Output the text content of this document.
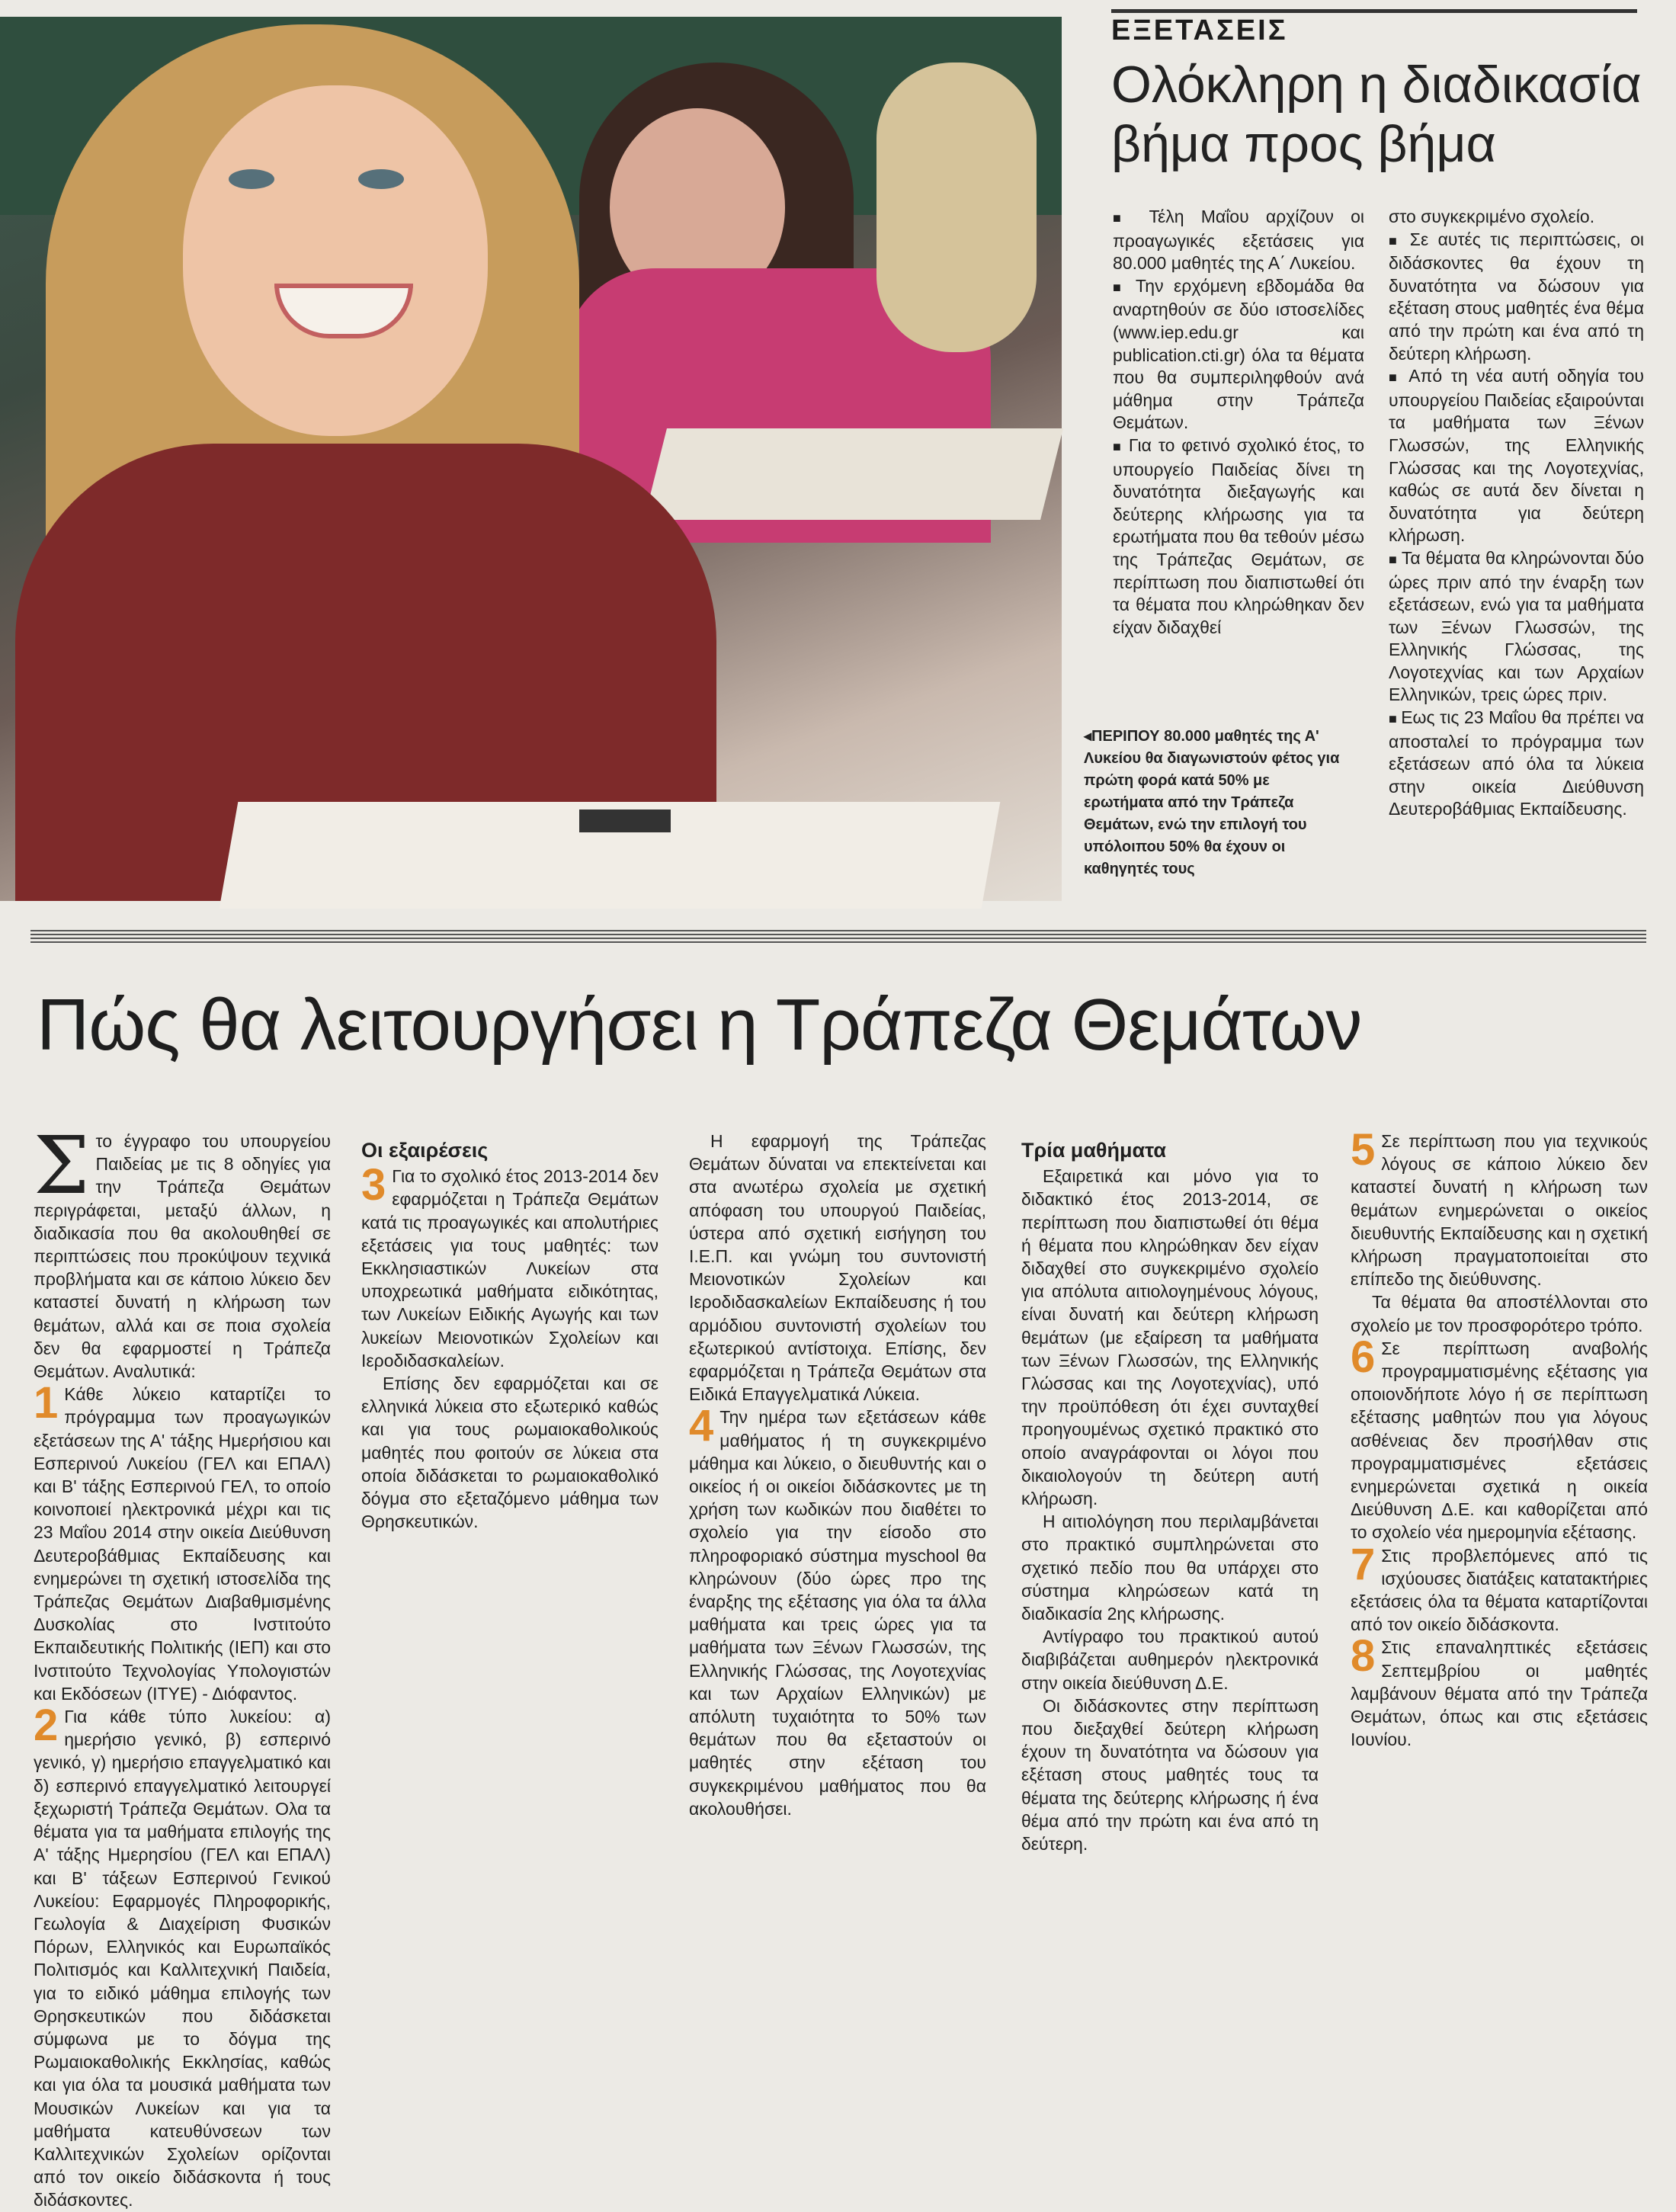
ΕΞΕΤΑΣΕΙΣ
Ολόκληρη η διαδικασία βήμα προς βήμα

■ Τέλη Μαΐου αρχίζουν οι προαγωγικές εξετάσεις για 80.000 μαθητές της Α΄ Λυκείου.

■ Την ερχόμενη εβδομάδα θα αναρτηθούν σε δύο ιστοσελίδες (www.iep.edu.gr και publication.cti.gr) όλα τα θέματα που θα συμπεριληφθούν ανά μάθημα στην Τράπεζα Θεμάτων.

■ Για το φετινό σχολικό έτος, το υπουργείο Παιδείας δίνει τη δυνατότητα διεξαγωγής και δεύτερης κλήρωσης για τα ερωτήματα που θα τεθούν μέσω της Τράπεζας Θεμάτων, σε περίπτωση που διαπιστωθεί ότι τα θέματα που κληρώθηκαν δεν είχαν διδαχθεί

στο συγκεκριμένο σχολείο.

■ Σε αυτές τις περιπτώσεις, οι διδάσκοντες θα έχουν τη δυνατότητα να δώσουν για εξέταση στους μαθητές ένα θέμα από την πρώτη και ένα από τη δεύτερη κλήρωση.

■ Από τη νέα αυτή οδηγία του υπουργείου Παιδείας εξαιρούνται τα μαθήματα των Ξένων Γλωσσών, της Ελληνικής Γλώσσας και της Λογοτεχνίας, καθώς σε αυτά δεν δίνεται η δυνατότητα για δεύτερη κλήρωση.

■ Τα θέματα θα κληρώνονται δύο ώρες πριν από την έναρξη των εξετάσεων, ενώ για τα μαθήματα των Ξένων Γλωσσών, της Ελληνικής Γλώσσας, της Λογοτεχνίας και των Αρχαίων Ελληνικών, τρεις ώρες πριν.

■ Εως τις 23 Μαΐου θα πρέπει να αποσταλεί το πρόγραμμα των εξετάσεων από όλα τα λύκεια στην οικεία Διεύθυνση Δευτεροβάθμιας Εκπαίδευσης.

◂ ΠΕΡΙΠΟΥ 80.000 μαθητές της Α' Λυκείου θα διαγωνιστούν φέτος για πρώτη φορά κατά 50% με ερωτήματα από την Τράπεζα Θεμάτων, ενώ την επιλογή του υπόλοιπου 50% θα έχουν οι καθηγητές τους
Πώς θα λειτουργήσει η Τράπεζα Θεμάτων

Στο έγγραφο του υπουργείου Παιδείας με τις 8 οδηγίες για την Τράπεζα Θεμάτων περιγράφεται, μεταξύ άλλων, η διαδικασία που θα ακολουθηθεί σε περιπτώσεις που προκύψουν τεχνικά προβλήματα και σε κάποιο λύκειο δεν καταστεί δυνατή η κλήρωση των θεμάτων, αλλά και σε ποια σχολεία δεν θα εφαρμοστεί η Τράπεζα Θεμάτων. Αναλυτικά:

1 Κάθε λύκειο καταρτίζει το πρόγραμμα των προαγωγικών εξετάσεων της Α' τάξης Ημερήσιου και Εσπερινού Λυκείου (ΓΕΛ και ΕΠΑΛ) και Β' τάξης Εσπερινού ΓΕΛ, το οποίο κοινοποιεί ηλεκτρονικά μέχρι και τις 23 Μαΐου 2014 στην οικεία Διεύθυνση Δευτεροβάθμιας Εκπαίδευσης και ενημερώνει τη σχετική ιστοσελίδα της Τράπεζας Θεμάτων Διαβαθμισμένης Δυσκολίας στο Ινστιτούτο Εκπαιδευτικής Πολιτικής (ΙΕΠ) και στο Ινστιτούτο Τεχνολογίας Υπολογιστών και Εκδόσεων (ΙΤΥΕ) - Διόφαντος.

2 Για κάθε τύπο λυκείου: α) ημερήσιο γενικό, β) εσπερινό γενικό, γ) ημερήσιο επαγγελματικό και δ) εσπερινό επαγγελματικό λειτουργεί ξεχωριστή Τράπεζα Θεμάτων. Ολα τα θέματα για τα μαθήματα επιλογής της Α' τάξης Ημερησίου (ΓΕΛ και ΕΠΑΛ) και Β' τάξεων Εσπερινού Γενικού Λυκείου: Εφαρμογές Πληροφορικής, Γεωλογία & Διαχείριση Φυσικών Πόρων, Ελληνικός και Ευρωπαϊκός Πολιτισμός και Καλλιτεχνική Παιδεία, για το ειδικό μάθημα επιλογής των Θρησκευτικών που διδάσκεται σύμφωνα με το δόγμα της Ρωμαιοκαθολικής Εκκλησίας, καθώς και για όλα τα μουσικά μαθήματα των Μουσικών Λυκείων και για τα μαθήματα κατευθύνσεων των Καλλιτεχνικών Σχολείων ορίζονται από τον οικείο διδάσκοντα ή τους διδάσκοντες.

Οι εξαιρέσεις

3 Για το σχολικό έτος 2013-2014 δεν εφαρμόζεται η Τράπεζα Θεμάτων κατά τις προαγωγικές και απολυτήριες εξετάσεις για τους μαθητές: των Εκκλησιαστικών Λυκείων στα υποχρεωτικά μαθήματα ειδικότητας, των Λυκείων Ειδικής Αγωγής και των λυκείων Μειονοτικών Σχολείων και Ιεροδιδασκαλείων.

Επίσης δεν εφαρμόζεται και σε ελληνικά λύκεια στο εξωτερικό καθώς και για τους ρωμαιοκαθολικούς μαθητές που φοιτούν σε λύκεια στα οποία διδάσκεται το ρωμαιοκαθολικό δόγμα στο εξεταζόμενο μάθημα των Θρησκευτικών.

Η εφαρμογή της Τράπεζας Θεμάτων δύναται να επεκτείνεται και στα ανωτέρω σχολεία με σχετική απόφαση του υπουργού Παιδείας, ύστερα από σχετική εισήγηση του Ι.Ε.Π. και γνώμη του συντονιστή Μειονοτικών Σχολείων και Ιεροδιδασκαλείων Εκπαίδευσης ή του αρμόδιου συντονιστή σχολείων του εξωτερικού αντίστοιχα. Επίσης, δεν εφαρμόζεται η Τράπεζα Θεμάτων στα Ειδικά Επαγγελματικά Λύκεια.

4 Την ημέρα των εξετάσεων κάθε μαθήματος ή τη συγκεκριμένο μάθημα και λύκειο, ο διευθυντής και ο οικείος ή οι οικείοι διδάσκοντες με τη χρήση των κωδικών που διαθέτει το σχολείο για την είσοδο στο πληροφοριακό σύστημα myschool θα κληρώνουν (δύο ώρες προ της έναρξης της εξέτασης για όλα τα άλλα μαθήματα και τρεις ώρες για τα μαθήματα των Ξένων Γλωσσών, της Ελληνικής Γλώσσας, της Λογοτεχνίας και των Αρχαίων Ελληνικών) με απόλυτη τυχαιότητα το 50% των θεμάτων που θα εξεταστούν οι μαθητές στην εξέταση του συγκεκριμένου μαθήματος που θα ακολουθήσει.

Τρία μαθήματα

Εξαιρετικά και μόνο για το διδακτικό έτος 2013-2014, σε περίπτωση που διαπιστωθεί ότι θέμα ή θέματα που κληρώθηκαν δεν είχαν διδαχθεί στο συγκεκριμένο σχολείο για απόλυτα αιτιολογημένους λόγους, είναι δυνατή και δεύτερη κλήρωση θεμάτων (με εξαίρεση τα μαθήματα των Ξένων Γλωσσών, της Ελληνικής Γλώσσας και της Λογοτεχνίας), υπό την προϋπόθεση ότι έχει συνταχθεί προηγουμένως σχετικό πρακτικό στο οποίο αναγράφονται οι λόγοι που δικαιολογούν τη δεύτερη αυτή κλήρωση.

Η αιτιολόγηση που περιλαμβάνεται στο πρακτικό συμπληρώνεται στο σχετικό πεδίο που θα υπάρχει στο σύστημα κληρώσεων κατά τη διαδικασία 2ης κλήρωσης.

Αντίγραφο του πρακτικού αυτού διαβιβάζεται αυθημερόν ηλεκτρονικά στην οικεία διεύθυνση Δ.Ε.

Οι διδάσκοντες στην περίπτωση που διεξαχθεί δεύτερη κλήρωση έχουν τη δυνατότητα να δώσουν για εξέταση στους μαθητές τους τα θέματα της δεύτερης κλήρωσης ή ένα θέμα από την πρώτη και ένα από τη δεύτερη.

5 Σε περίπτωση που για τεχνικούς λόγους σε κάποιο λύκειο δεν καταστεί δυνατή η κλήρωση των θεμάτων ενημερώνεται ο οικείος διευθυντής Εκπαίδευσης και η σχετική κλήρωση πραγματοποιείται στο επίπεδο της διεύθυνσης.

Τα θέματα θα αποστέλλονται στο σχολείο με τον προσφορότερο τρόπο.

6 Σε περίπτωση αναβολής προγραμματισμένης εξέτασης για οποιονδήποτε λόγο ή σε περίπτωση εξέτασης μαθητών που για λόγους ασθένειας δεν προσήλθαν στις προγραμματισμένες εξετάσεις ενημερώνεται σχετικά η οικεία Διεύθυνση Δ.Ε. και καθορίζεται από το σχολείο νέα ημερομηνία εξέτασης.

7 Στις προβλεπόμενες από τις ισχύουσες διατάξεις κατατακτήριες εξετάσεις όλα τα θέματα καταρτίζονται από τον οικείο διδάσκοντα.

8 Στις επαναληπτικές εξετάσεις Σεπτεμβρίου οι μαθητές λαμβάνουν θέματα από την Τράπεζα Θεμάτων, όπως και στις εξετάσεις Ιουνίου.
